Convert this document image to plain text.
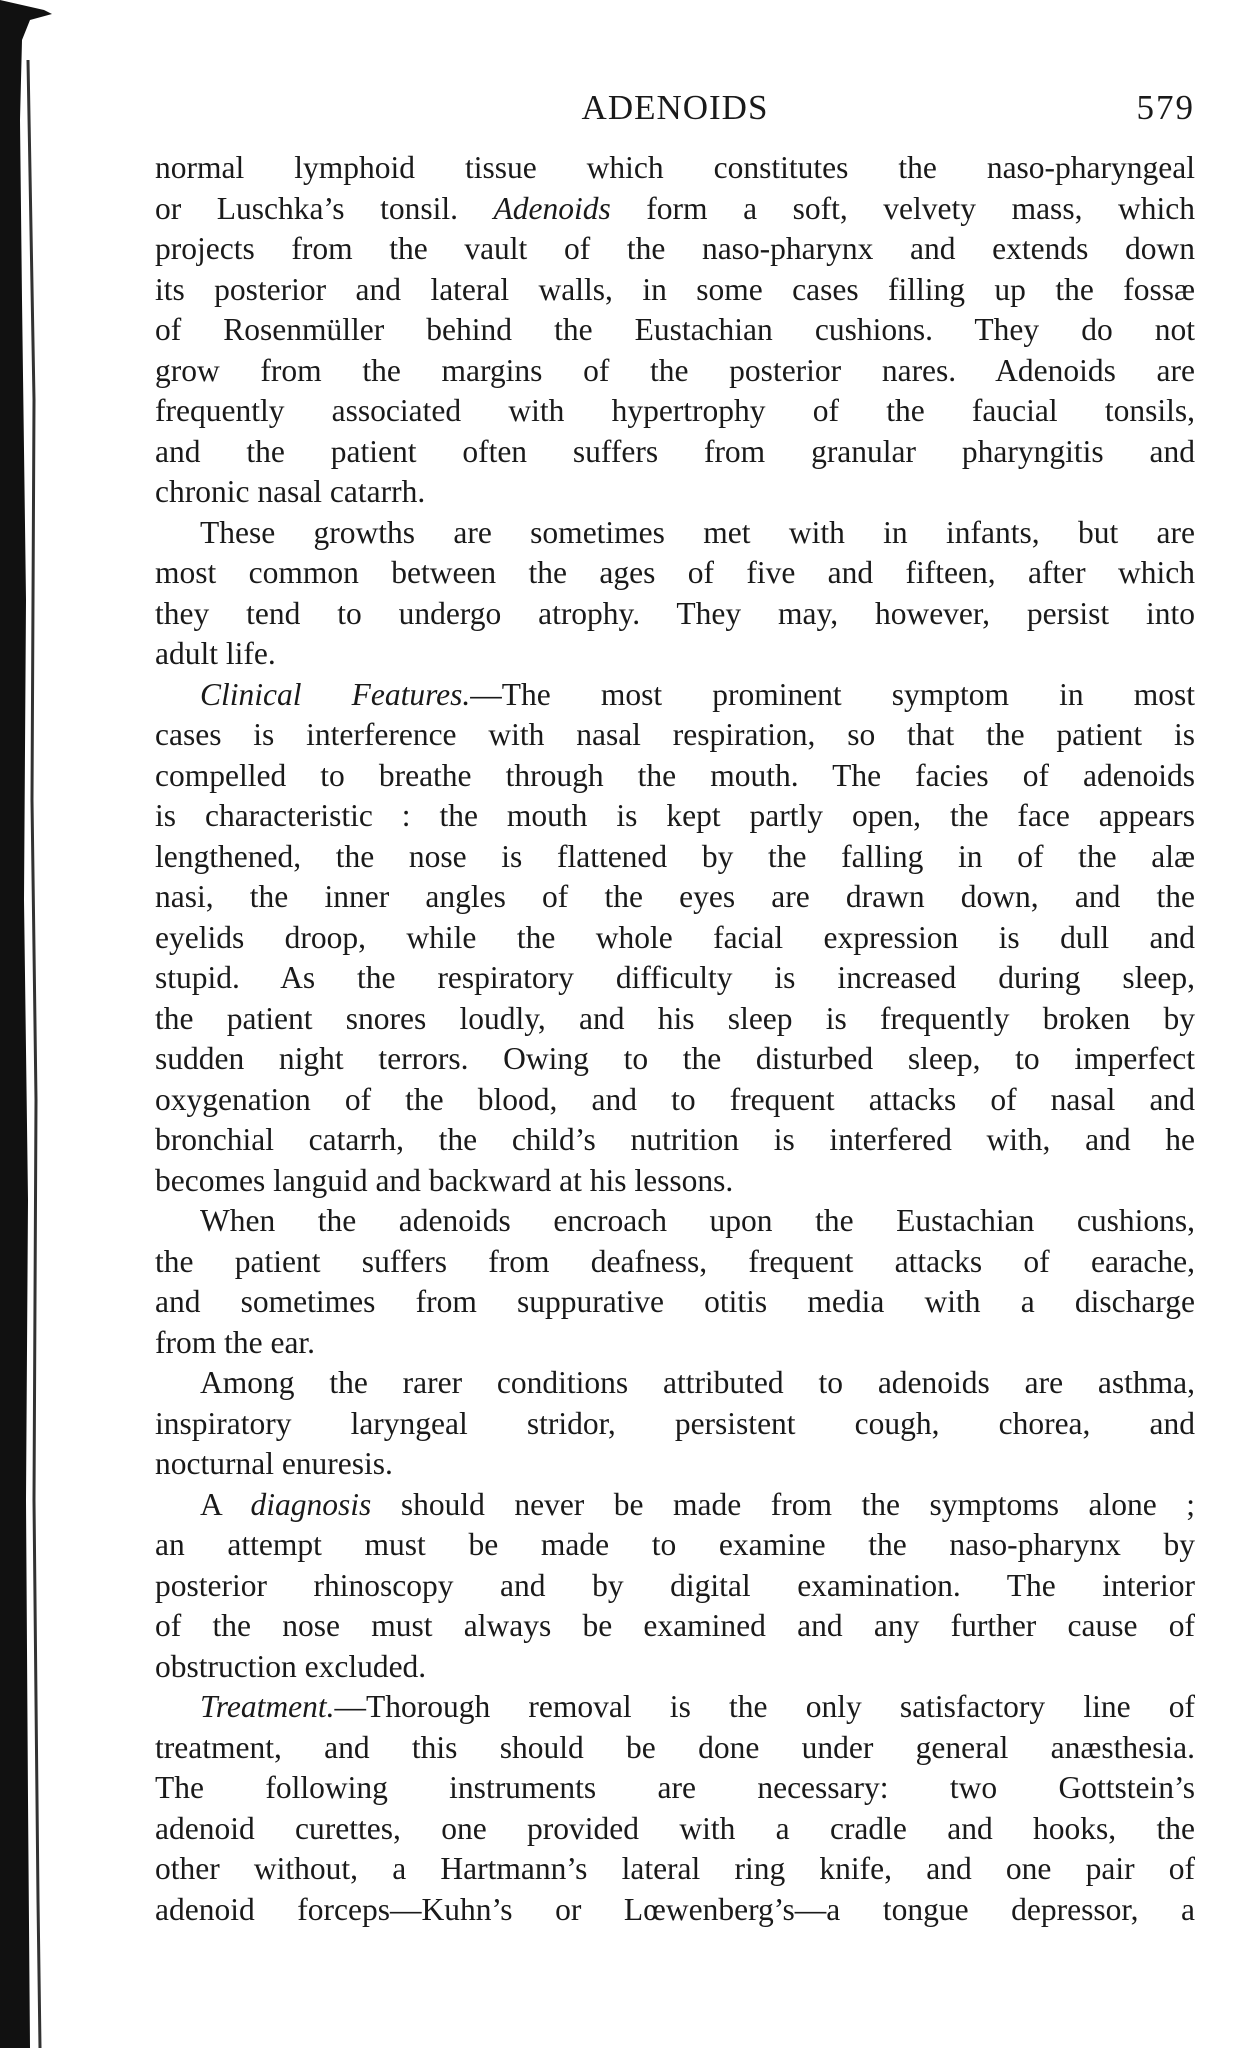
ADENOIDS	579
normal lymphoid tissue which constitutes the naso-pharyngeal
or Luschka’s tonsil. Adenoids form a soft, velvety mass, which
projects from the vault of the naso-pharynx and extends down
its posterior and lateral walls, in some cases filling up the fossæ
of Rosenmüller behind the Eustachian cushions. They do not
grow from the margins of the posterior nares. Adenoids are
frequently associated with hypertrophy of the faucial tonsils,
and the patient often suffers from granular pharyngitis and
chronic nasal catarrh.
These growths are sometimes met with in infants, but are
most common between the ages of five and fifteen, after which
they tend to undergo atrophy. They may, however, persist into
adult life.
Clinical Features.—The most prominent symptom in most
cases is interference with nasal respiration, so that the patient is
compelled to breathe through the mouth. The facies of adenoids
is characteristic : the mouth is kept partly open, the face appears
lengthened, the nose is flattened by the falling in of the alæ
nasi, the inner angles of the eyes are drawn down, and the
eyelids droop, while the whole facial expression is dull and
stupid. As the respiratory difficulty is increased during sleep,
the patient snores loudly, and his sleep is frequently broken by
sudden night terrors. Owing to the disturbed sleep, to imperfect
oxygenation of the blood, and to frequent attacks of nasal and
bronchial catarrh, the child’s nutrition is interfered with, and he
becomes languid and backward at his lessons.
When the adenoids encroach upon the Eustachian cushions,
the patient suffers from deafness, frequent attacks of earache,
and sometimes from suppurative otitis media with a discharge
from the ear.
Among the rarer conditions attributed to adenoids are asthma,
inspiratory laryngeal stridor, persistent cough, chorea, and
nocturnal enuresis.
A diagnosis should never be made from the symptoms alone ;
an attempt must be made to examine the naso-pharynx by
posterior rhinoscopy and by digital examination. The interior
of the nose must always be examined and any further cause of
obstruction excluded.
Treatment.—Thorough removal is the only satisfactory line of
treatment, and this should be done under general anæsthesia.
The following instruments are necessary: two Gottstein’s
adenoid curettes, one provided with a cradle and hooks, the
other without, a Hartmann’s lateral ring knife, and one pair of
adenoid forceps—Kuhn’s or Lœwenberg’s—a tongue depressor, a
